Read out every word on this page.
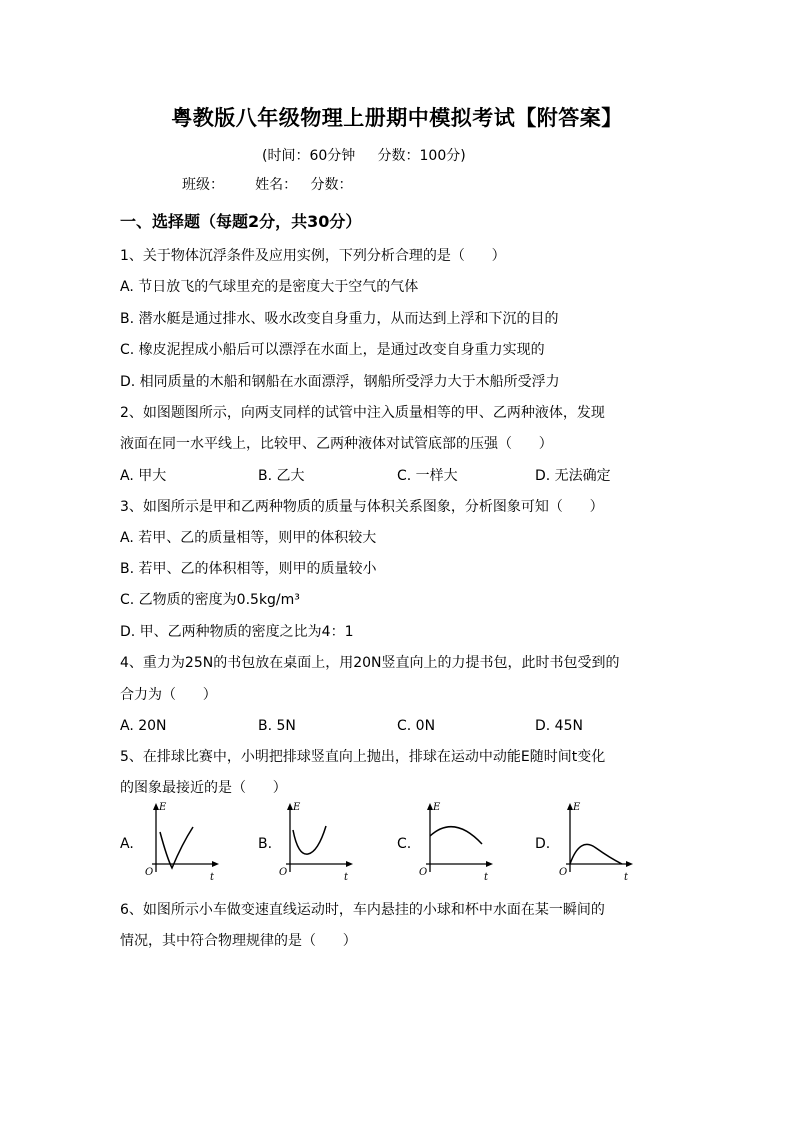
粤教版八年级物理上册期中模拟考试【附答案】
(时间：60分钟     分数：100分)
班级：       姓名：   分数：
一、选择题（每题2分，共30分）
1、关于物体沉浮条件及应用实例，下列分析合理的是（      ）
A. 节日放飞的气球里充的是密度大于空气的气体
B. 潜水艇是通过排水、吸水改变自身重力，从而达到上浮和下沉的目的
C. 橡皮泥捏成小船后可以漂浮在水面上，是通过改变自身重力实现的
D. 相同质量的木船和钢船在水面漂浮，钢船所受浮力大于木船所受浮力
2、如图题图所示，向两支同样的试管中注入质量相等的甲、乙两种液体，发现
液面在同一水平线上，比较甲、乙两种液体对试管底部的压强（      ）
A. 甲大	B. 乙大	C. 一样大	D. 无法确定
3、如图所示是甲和乙两种物质的质量与体积关系图象，分析图象可知（      ）
A. 若甲、乙的质量相等，则甲的体积较大
B. 若甲、乙的体积相等，则甲的质量较小
C. 乙物质的密度为0.5kg/m³
D. 甲、乙两种物质的密度之比为4：1
4、重力为25N的书包放在桌面上，用20N竖直向上的力提书包，此时书包受到的
合力为（      ）
A. 20N	B. 5N	C. 0N	D. 45N
5、在排球比赛中，小明把排球竖直向上抛出，排球在运动中动能E随时间t变化
的图象最接近的是（      ）
A.
E
O	t
B.
E
O	t
C.
E
O	t
D.
E
O	t
6、如图所示小车做变速直线运动时，车内悬挂的小球和杯中水面在某一瞬间的
情况，其中符合物理规律的是（      ）
